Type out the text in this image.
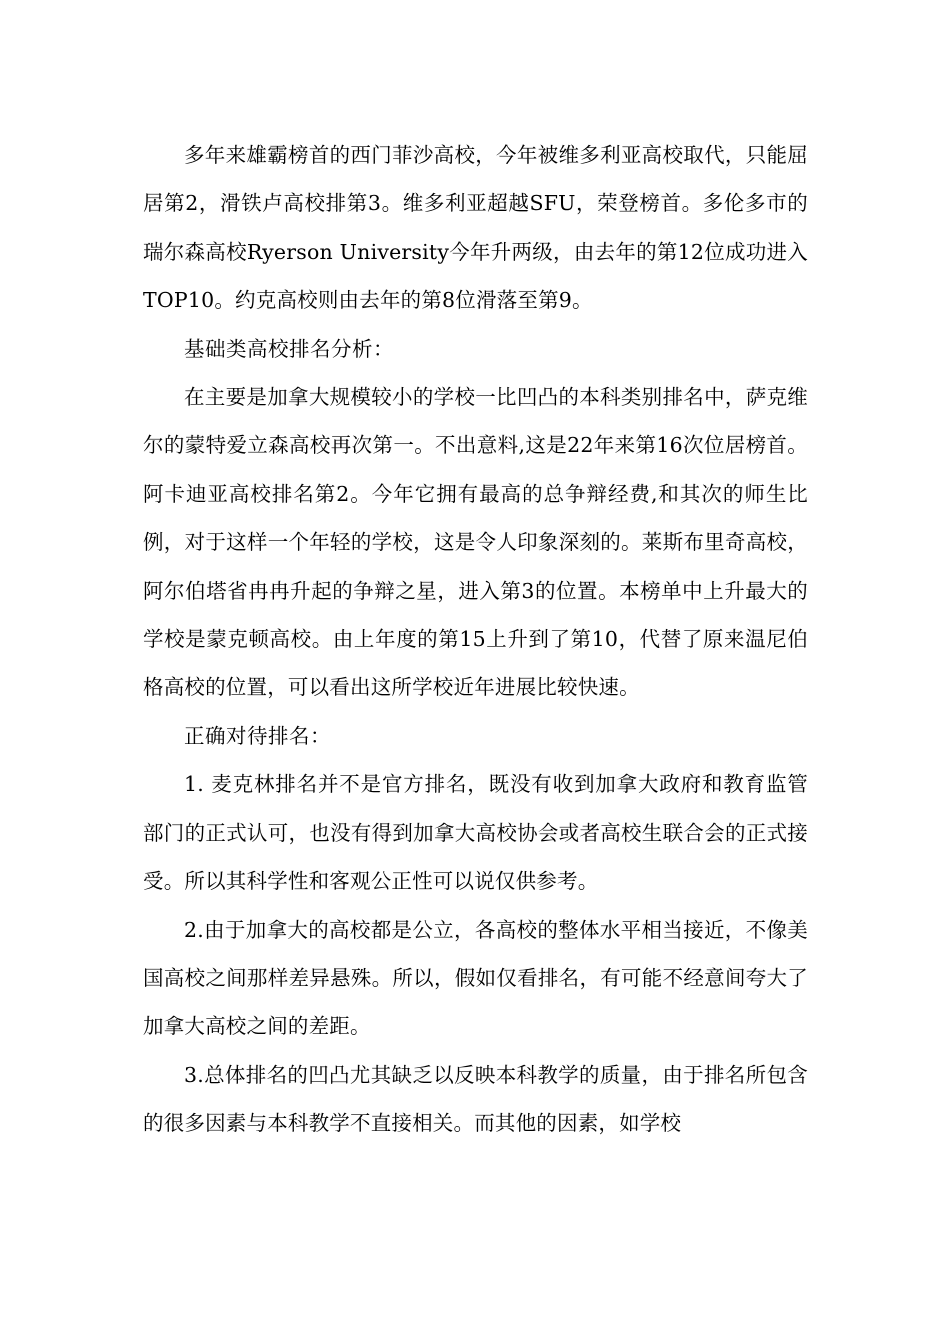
多年来雄霸榜首的西门菲沙高校，今年被维多利亚高校取代，只能屈居第2，滑铁卢高校排第3。维多利亚超越SFU，荣登榜首。多伦多市的瑞尔森高校Ryerson University今年升两级，由去年的第12位成功进入TOP10。约克高校则由去年的第8位滑落至第9。

基础类高校排名分析：

在主要是加拿大规模较小的学校一比凹凸的本科类别排名中，萨克维尔的蒙特爱立森高校再次第一。不出意料,这是22年来第16次位居榜首。阿卡迪亚高校排名第2。今年它拥有最高的总争辩经费,和其次的师生比例，对于这样一个年轻的学校，这是令人印象深刻的。莱斯布里奇高校，阿尔伯塔省冉冉升起的争辩之星，进入第3的位置。本榜单中上升最大的学校是蒙克顿高校。由上年度的第15上升到了第10，代替了原来温尼伯格高校的位置，可以看出这所学校近年进展比较快速。

正确对待排名：

1. 麦克林排名并不是官方排名，既没有收到加拿大政府和教育监管部门的正式认可，也没有得到加拿大高校协会或者高校生联合会的正式接受。所以其科学性和客观公正性可以说仅供参考。

2.由于加拿大的高校都是公立，各高校的整体水平相当接近，不像美国高校之间那样差异悬殊。所以，假如仅看排名，有可能不经意间夸大了加拿大高校之间的差距。

3.总体排名的凹凸尤其缺乏以反映本科教学的质量，由于排名所包含的很多因素与本科教学不直接相关。而其他的因素，如学校
